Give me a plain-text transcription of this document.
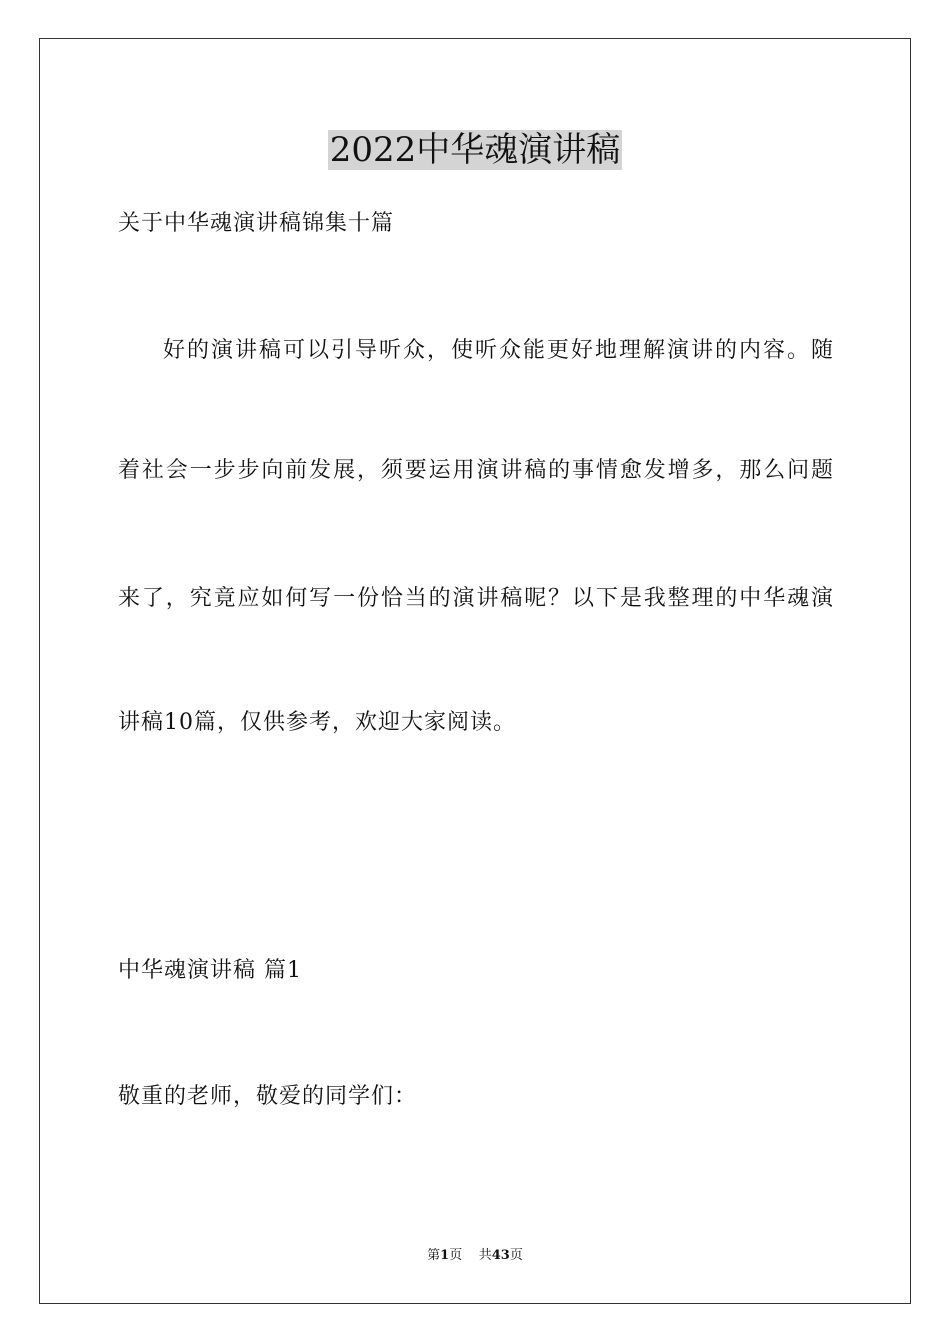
2022中华魂演讲稿
关于中华魂演讲稿锦集十篇
好的演讲稿可以引导听众，使听众能更好地理解演讲的内容。随
着社会一步步向前发展，须要运用演讲稿的事情愈发增多，那么问题
来了，究竟应如何写一份恰当的演讲稿呢？以下是我整理的中华魂演
讲稿10篇，仅供参考，欢迎大家阅读。
中华魂演讲稿 篇1
敬重的老师，敬爱的同学们：
第1页 共43页
